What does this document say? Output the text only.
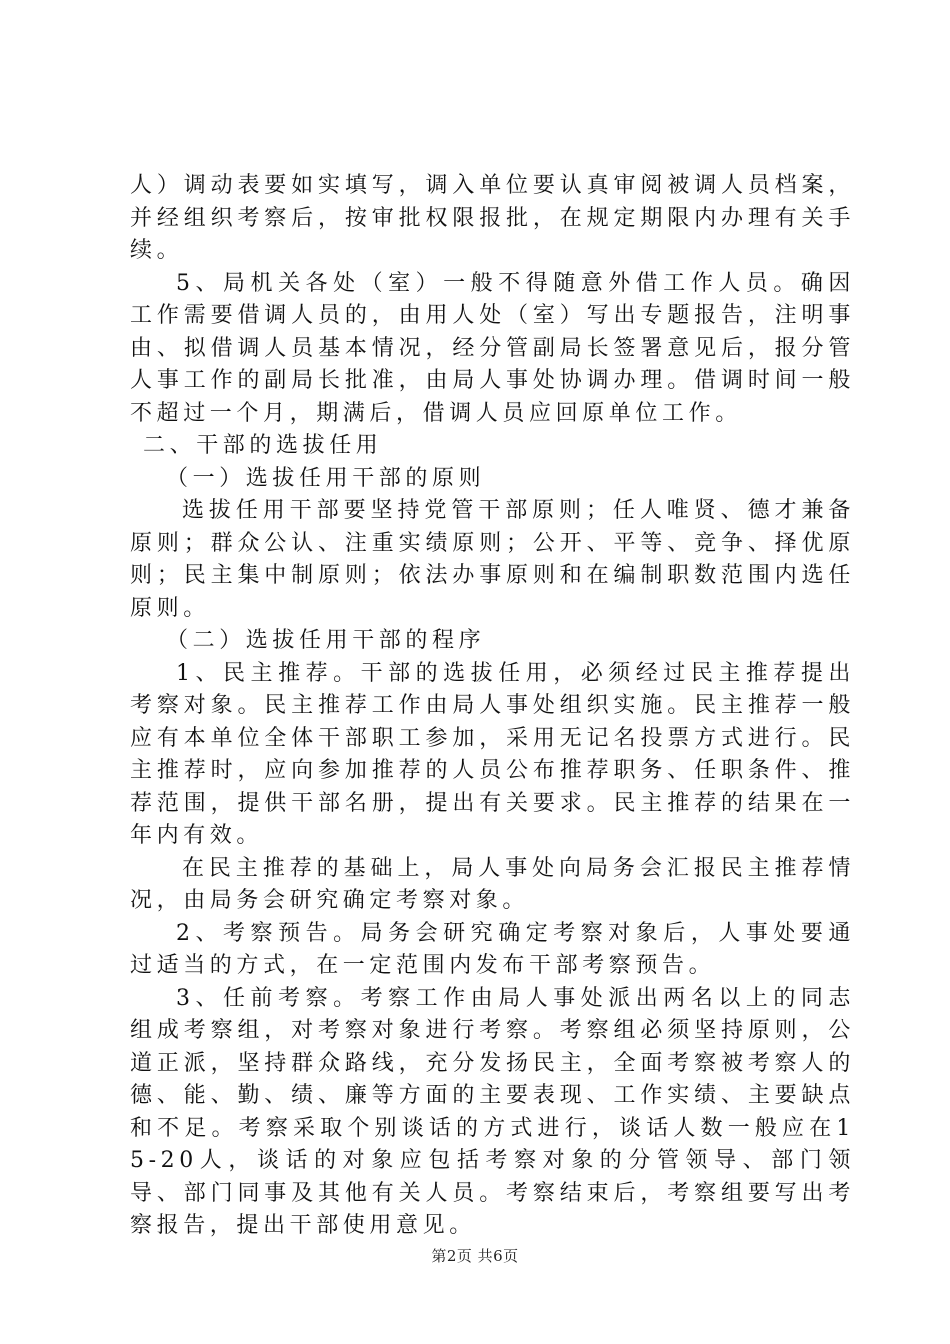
人）调动表要如实填写，调入单位要认真审阅被调人员档案，并经组织考察后，按审批权限报批，在规定期限内办理有关手续。

5、局机关各处（室）一般不得随意外借工作人员。确因工作需要借调人员的，由用人处（室）写出专题报告，注明事由、拟借调人员基本情况，经分管副局长签署意见后，报分管人事工作的副局长批准，由局人事处协调办理。借调时间一般不超过一个月，期满后，借调人员应回原单位工作。

二、干部的选拔任用

（一）选拔任用干部的原则

选拔任用干部要坚持党管干部原则；任人唯贤、德才兼备原则；群众公认、注重实绩原则；公开、平等、竞争、择优原则；民主集中制原则；依法办事原则和在编制职数范围内选任原则。

（二）选拔任用干部的程序

1、民主推荐。干部的选拔任用，必须经过民主推荐提出考察对象。民主推荐工作由局人事处组织实施。民主推荐一般应有本单位全体干部职工参加，采用无记名投票方式进行。民主推荐时，应向参加推荐的人员公布推荐职务、任职条件、推荐范围，提供干部名册，提出有关要求。民主推荐的结果在一年内有效。

在民主推荐的基础上，局人事处向局务会汇报民主推荐情况，由局务会研究确定考察对象。

2、考察预告。局务会研究确定考察对象后，人事处要通过适当的方式，在一定范围内发布干部考察预告。

3、任前考察。考察工作由局人事处派出两名以上的同志组成考察组，对考察对象进行考察。考察组必须坚持原则，公道正派，坚持群众路线，充分发扬民主，全面考察被考察人的德、能、勤、绩、廉等方面的主要表现、工作实绩、主要缺点和不足。考察采取个别谈话的方式进行，谈话人数一般应在15-20人，谈话的对象应包括考察对象的分管领导、部门领导、部门同事及其他有关人员。考察结束后，考察组要写出考察报告，提出干部使用意见。

第2页 共6页
